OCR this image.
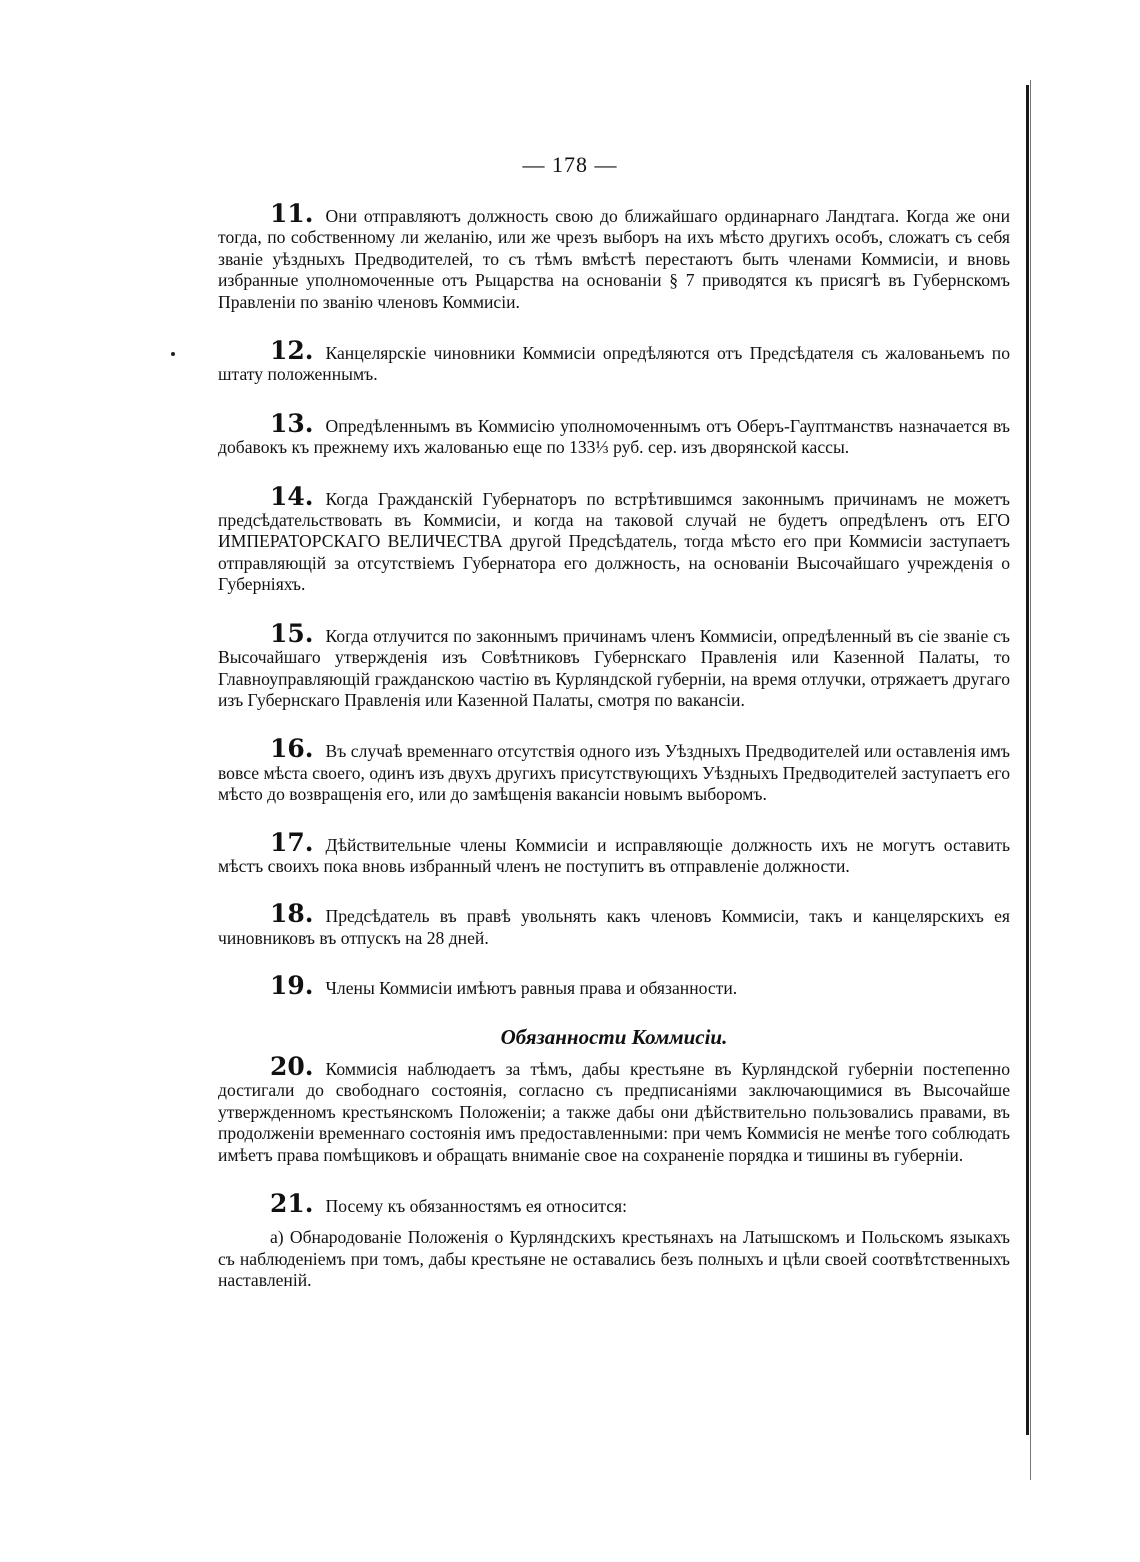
— 178 —

11. Они отправляютъ должность свою до ближайшаго ординарнаго Ландтага. Когда же они тогда, по собственному ли желанію, или же чрезъ выборъ на ихъ мѣсто другихъ особъ, сложатъ съ себя званіе уѣздныхъ Предводителей, то съ тѣмъ вмѣстѣ перестаютъ быть членами Коммисіи, и вновь избранные уполномоченные отъ Рыцарства на основаніи § 7 приводятся къ присягѣ въ Губернскомъ Правленіи по званію членовъ Коммисіи.

12. Канцелярскіе чиновники Коммисіи опредѣляются отъ Предсѣдателя съ жалованьемъ по штату положеннымъ.

13. Опредѣленнымъ въ Коммисію уполномоченнымъ отъ Оберъ-Гауптманствъ назначается въ добавокъ къ прежнему ихъ жалованью еще по 133⅓ руб. сер. изъ дворянской кассы.

14. Когда Гражданскій Губернаторъ по встрѣтившимся законнымъ причинамъ не можетъ предсѣдательствовать въ Коммисіи, и когда на таковой случай не будетъ опредѣленъ отъ ЕГО ИМПЕРАТОРСКАГО ВЕЛИЧЕСТВА другой Предсѣдатель, тогда мѣсто его при Коммисіи заступаетъ отправляющій за отсутствіемъ Губернатора его должность, на основаніи Высочайшаго учрежденія о Губерніяхъ.

15. Когда отлучится по законнымъ причинамъ членъ Коммисіи, опредѣленный въ сіе званіе съ Высочайшаго утвержденія изъ Совѣтниковъ Губернскаго Правленія или Казенной Палаты, то Главноуправляющій гражданскою частію въ Курляндской губерніи, на время отлучки, отряжаетъ другаго изъ Губернскаго Правленія или Казенной Палаты, смотря по вакансіи.

16. Въ случаѣ временнаго отсутствія одного изъ Уѣздныхъ Предводителей или оставленія имъ вовсе мѣста своего, одинъ изъ двухъ другихъ присутствующихъ Уѣздныхъ Предводителей заступаетъ его мѣсто до возвращенія его, или до замѣщенія вакансіи новымъ выборомъ.

17. Дѣйствительные члены Коммисіи и исправляющіе должность ихъ не могутъ оставить мѣстъ своихъ пока вновь избранный членъ не поступитъ въ отправленіе должности.

18. Предсѣдатель въ правѣ увольнять какъ членовъ Коммисіи, такъ и канцелярскихъ ея чиновниковъ въ отпускъ на 28 дней.

19. Члены Коммисіи имѣютъ равныя права и обязанности.

Обязанности Коммисіи.

20. Коммисія наблюдаетъ за тѣмъ, дабы крестьяне въ Курляндской губерніи постепенно достигали до свободнаго состоянія, согласно съ предписаніями заключающимися въ Высочайше утвержденномъ крестьянскомъ Положеніи; а также дабы они дѣйствительно пользовались правами, въ продолженіи временнаго состоянія имъ предоставленными: при чемъ Коммисія не менѣе того соблюдать имѣетъ права помѣщиковъ и обращать вниманіе свое на сохраненіе порядка и тишины въ губерніи.

21. Посему къ обязанностямъ ея относится:

а) Обнародованіе Положенія о Курляндскихъ крестьянахъ на Латышскомъ и Польскомъ языкахъ съ наблюденіемъ при томъ, дабы крестьяне не оставались безъ полныхъ и цѣли своей соотвѣтственныхъ наставленій.
